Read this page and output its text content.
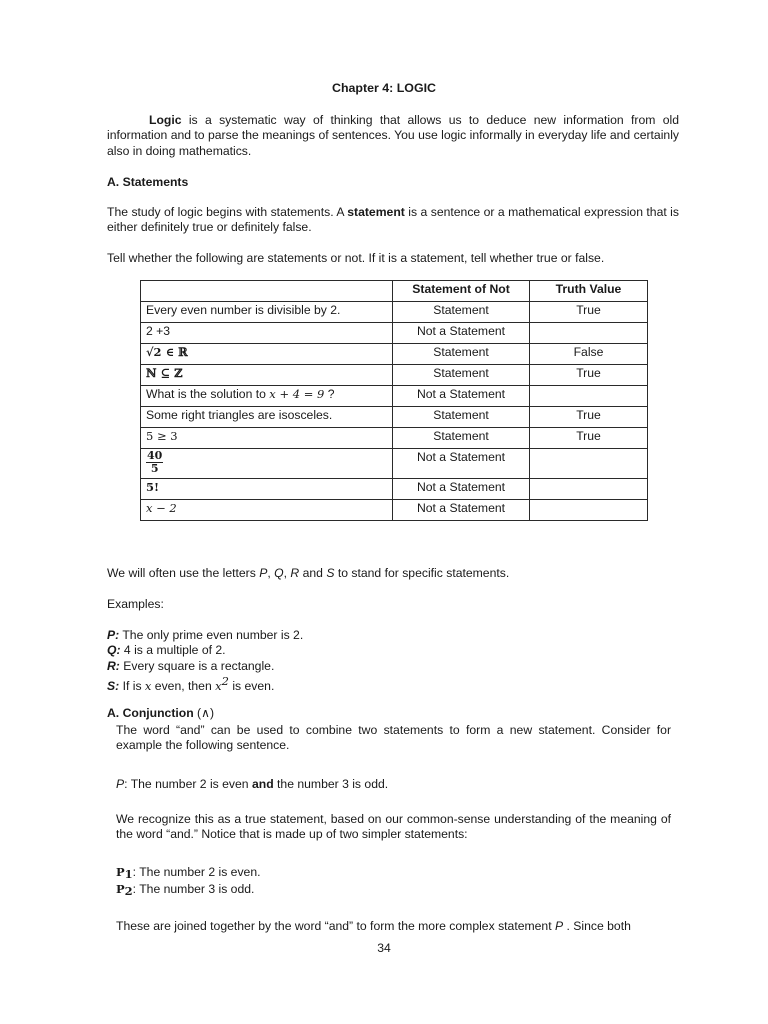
Chapter 4: LOGIC
Logic is a systematic way of thinking that allows us to deduce new information from old information and to parse the meanings of sentences. You use logic informally in everyday life and certainly also in doing mathematics.
A. Statements
The study of logic begins with statements. A statement is a sentence or a mathematical expression that is either definitely true or definitely false.
Tell whether the following are statements or not. If it is a statement, tell whether true or false.
	Statement of Not	Truth Value
Every even number is divisible by 2.	Statement	True
2 +3	Not a Statement	
√2 ∈ ℝ	Statement	False
ℕ ⊆ ℤ	Statement	True
What is the solution to x + 4 = 9 ?	Not a Statement	
Some right triangles are isosceles.	Statement	True
5 ≥ 3	Statement	True

$\frac{40}{5}$	Not a Statement	
5!	Not a Statement	
x − 2	Not a Statement	
We will often use the letters P, Q, R and S to stand for specific statements.
Examples:
P: The only prime even number is 2.
Q: 4 is a multiple of 2.
R: Every square is a rectangle.
S: If is x even, then $x^2$ is even.
A. Conjunction (∧)
The word “and” can be used to combine two statements to form a new statement. Consider for example the following sentence.
P: The number 2 is even and the number 3 is odd.
We recognize this as a true statement, based on our common-sense understanding of the meaning of the word “and.” Notice that is made up of two simpler statements:
$P_1$: The number 2 is even.
$P_2$: The number 3 is odd.
These are joined together by the word “and” to form the more complex statement P . Since both
34
